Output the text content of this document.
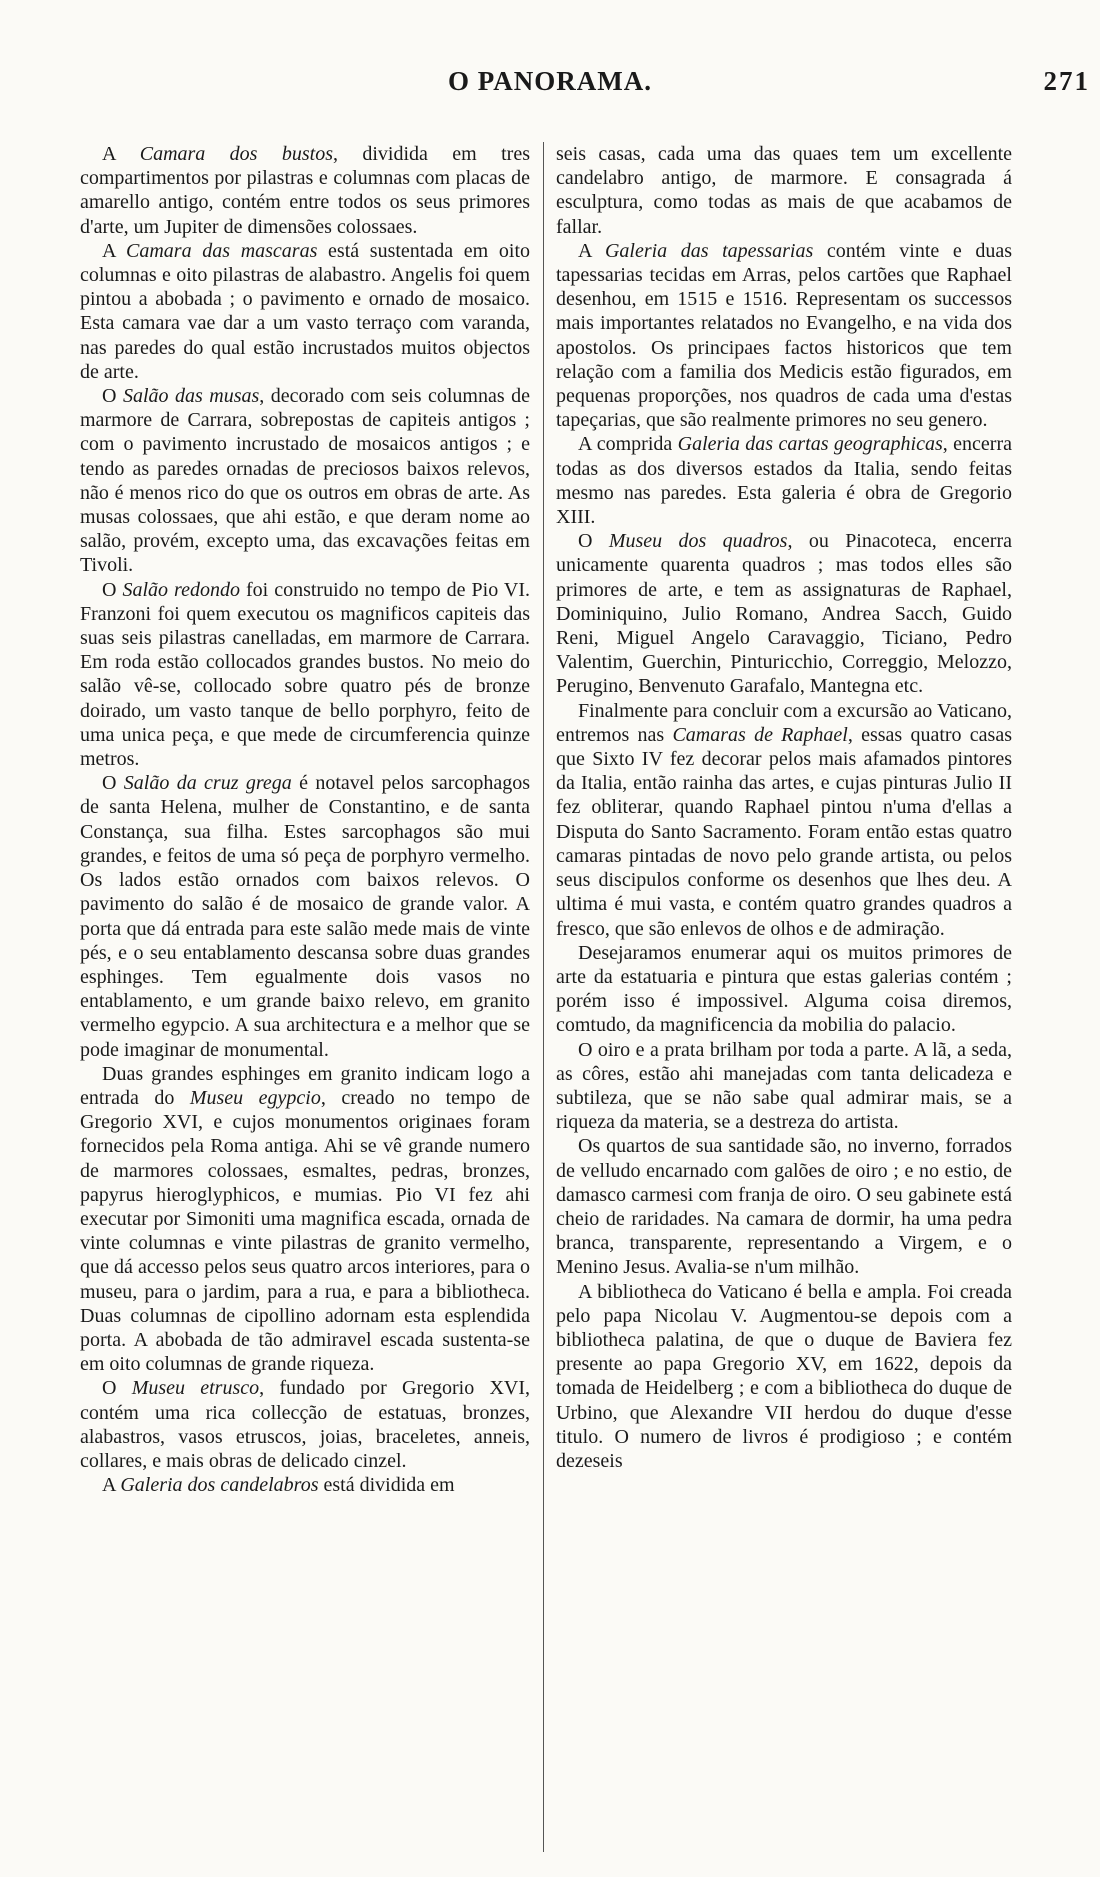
O PANORAMA.	271

A Camara dos bustos, dividida em tres compartimentos por pilastras e columnas com placas de amarello antigo, contém entre todos os seus primores d'arte, um Jupiter de dimensões colossaes.

A Camara das mascaras está sustentada em oito columnas e oito pilastras de alabastro. Angelis foi quem pintou a abobada ; o pavimento e ornado de mosaico. Esta camara vae dar a um vasto terraço com varanda, nas paredes do qual estão incrustados muitos objectos de arte.

O Salão das musas, decorado com seis columnas de marmore de Carrara, sobrepostas de capiteis antigos ; com o pavimento incrustado de mosaicos antigos ; e tendo as paredes ornadas de preciosos baixos relevos, não é menos rico do que os outros em obras de arte. As musas colossaes, que ahi estão, e que deram nome ao salão, provém, excepto uma, das excavações feitas em Tivoli.

O Salão redondo foi construido no tempo de Pio VI. Franzoni foi quem executou os magnificos capiteis das suas seis pilastras canelladas, em marmore de Carrara. Em roda estão collocados grandes bustos. No meio do salão vê-se, collocado sobre quatro pés de bronze doirado, um vasto tanque de bello porphyro, feito de uma unica peça, e que mede de circumferencia quinze metros.

O Salão da cruz grega é notavel pelos sarcophagos de santa Helena, mulher de Constantino, e de santa Constança, sua filha. Estes sarcophagos são mui grandes, e feitos de uma só peça de porphyro vermelho. Os lados estão ornados com baixos relevos. O pavimento do salão é de mosaico de grande valor. A porta que dá entrada para este salão mede mais de vinte pés, e o seu entablamento descansa sobre duas grandes esphinges. Tem egualmente dois vasos no entablamento, e um grande baixo relevo, em granito vermelho egypcio. A sua architectura e a melhor que se pode imaginar de monumental.

Duas grandes esphinges em granito indicam logo a entrada do Museu egypcio, creado no tempo de Gregorio XVI, e cujos monumentos originaes foram fornecidos pela Roma antiga. Ahi se vê grande numero de marmores colossaes, esmaltes, pedras, bronzes, papyrus hieroglyphicos, e mumias. Pio VI fez ahi executar por Simoniti uma magnifica escada, ornada de vinte columnas e vinte pilastras de granito vermelho, que dá accesso pelos seus quatro arcos interiores, para o museu, para o jardim, para a rua, e para a bibliotheca. Duas columnas de cipollino adornam esta esplendida porta. A abobada de tão admiravel escada sustenta-se em oito columnas de grande riqueza.

O Museu etrusco, fundado por Gregorio XVI, contém uma rica collecção de estatuas, bronzes, alabastros, vasos etruscos, joias, braceletes, anneis, collares, e mais obras de delicado cinzel.

A Galeria dos candelabros está dividida em

seis casas, cada uma das quaes tem um excellente candelabro antigo, de marmore. E consagrada á esculptura, como todas as mais de que acabamos de fallar.

A Galeria das tapessarias contém vinte e duas tapessarias tecidas em Arras, pelos cartões que Raphael desenhou, em 1515 e 1516. Representam os successos mais importantes relatados no Evangelho, e na vida dos apostolos. Os principaes factos historicos que tem relação com a familia dos Medicis estão figurados, em pequenas proporções, nos quadros de cada uma d'estas tapeçarias, que são realmente primores no seu genero.

A comprida Galeria das cartas geographicas, encerra todas as dos diversos estados da Italia, sendo feitas mesmo nas paredes. Esta galeria é obra de Gregorio XIII.

O Museu dos quadros, ou Pinacoteca, encerra unicamente quarenta quadros ; mas todos elles são primores de arte, e tem as assignaturas de Raphael, Dominiquino, Julio Romano, Andrea Sacch, Guido Reni, Miguel Angelo Caravaggio, Ticiano, Pedro Valentim, Guerchin, Pinturicchio, Correggio, Melozzo, Perugino, Benvenuto Garafalo, Mantegna etc.

Finalmente para concluir com a excursão ao Vaticano, entremos nas Camaras de Raphael, essas quatro casas que Sixto IV fez decorar pelos mais afamados pintores da Italia, então rainha das artes, e cujas pinturas Julio II fez obliterar, quando Raphael pintou n'uma d'ellas a Disputa do Santo Sacramento. Foram então estas quatro camaras pintadas de novo pelo grande artista, ou pelos seus discipulos conforme os desenhos que lhes deu. A ultima é mui vasta, e contém quatro grandes quadros a fresco, que são enlevos de olhos e de admiração.

Desejaramos enumerar aqui os muitos primores de arte da estatuaria e pintura que estas galerias contém ; porém isso é impossivel. Alguma coisa diremos, comtudo, da magnificencia da mobilia do palacio.

O oiro e a prata brilham por toda a parte. A lã, a seda, as côres, estão ahi manejadas com tanta delicadeza e subtileza, que se não sabe qual admirar mais, se a riqueza da materia, se a destreza do artista.

Os quartos de sua santidade são, no inverno, forrados de velludo encarnado com galões de oiro ; e no estio, de damasco carmesi com franja de oiro. O seu gabinete está cheio de raridades. Na camara de dormir, ha uma pedra branca, transparente, representando a Virgem, e o Menino Jesus. Avalia-se n'um milhão.

A bibliotheca do Vaticano é bella e ampla. Foi creada pelo papa Nicolau V. Augmentou-se depois com a bibliotheca palatina, de que o duque de Baviera fez presente ao papa Gregorio XV, em 1622, depois da tomada de Heidelberg ; e com a bibliotheca do duque de Urbino, que Alexandre VII herdou do duque d'esse titulo. O numero de livros é prodigioso ; e contém dezeseis
